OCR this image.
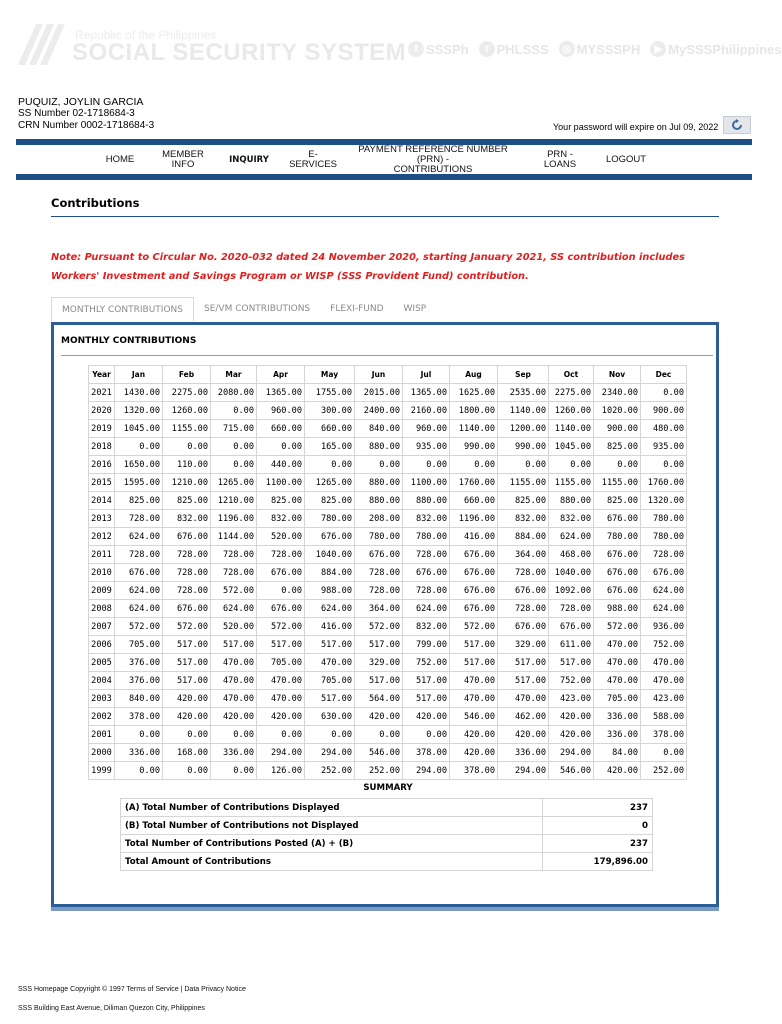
Republic of the Philippines
SOCIAL SECURITY SYSTEM f SSSPh	t PHLSSS	◎ MYSSSPH	▶ MySSSPhilippines
PUQUIZ, JOYLIN GARCIA
SS Number 02-1718684-3
CRN Number 0002-1718684-3	Your password will expire on Jul 09, 2022
HOME	MEMBER INFO	INQUIRY	E-SERVICES
PAYMENT REFERENCE NUMBER (PRN) -
CONTRIBUTIONS
PRN - LOANS	LOGOUT
Contributions
Note: Pursuant to Circular No. 2020-032 dated 24 November 2020, starting January 2021, SS contribution includes Workers' Investment and Savings Program or WISP (SSS Provident Fund) contribution.
MONTHLY CONTRIBUTIONS	SE/VM CONTRIBUTIONS	FLEXI-FUND	WISP
MONTHLY CONTRIBUTIONS
Year	Jan	Feb	Mar	Apr	May	Jun	Jul	Aug	Sep	Oct	Nov	Dec
2021	1430.00	2275.00	2080.00	1365.00	1755.00	2015.00	1365.00	1625.00	2535.00	2275.00	2340.00	0.00
2020	1320.00	1260.00	0.00	960.00	300.00	2400.00	2160.00	1800.00	1140.00	1260.00	1020.00	900.00
2019	1045.00	1155.00	715.00	660.00	660.00	840.00	960.00	1140.00	1200.00	1140.00	900.00	480.00
2018	0.00	0.00	0.00	0.00	165.00	880.00	935.00	990.00	990.00	1045.00	825.00	935.00
2016	1650.00	110.00	0.00	440.00	0.00	0.00	0.00	0.00	0.00	0.00	0.00	0.00
2015	1595.00	1210.00	1265.00	1100.00	1265.00	880.00	1100.00	1760.00	1155.00	1155.00	1155.00	1760.00
2014	825.00	825.00	1210.00	825.00	825.00	880.00	880.00	660.00	825.00	880.00	825.00	1320.00
2013	728.00	832.00	1196.00	832.00	780.00	208.00	832.00	1196.00	832.00	832.00	676.00	780.00
2012	624.00	676.00	1144.00	520.00	676.00	780.00	780.00	416.00	884.00	624.00	780.00	780.00
2011	728.00	728.00	728.00	728.00	1040.00	676.00	728.00	676.00	364.00	468.00	676.00	728.00
2010	676.00	728.00	728.00	676.00	884.00	728.00	676.00	676.00	728.00	1040.00	676.00	676.00
2009	624.00	728.00	572.00	0.00	988.00	728.00	728.00	676.00	676.00	1092.00	676.00	624.00
2008	624.00	676.00	624.00	676.00	624.00	364.00	624.00	676.00	728.00	728.00	988.00	624.00
2007	572.00	572.00	520.00	572.00	416.00	572.00	832.00	572.00	676.00	676.00	572.00	936.00
2006	705.00	517.00	517.00	517.00	517.00	517.00	799.00	517.00	329.00	611.00	470.00	752.00
2005	376.00	517.00	470.00	705.00	470.00	329.00	752.00	517.00	517.00	517.00	470.00	470.00
2004	376.00	517.00	470.00	470.00	705.00	517.00	517.00	470.00	517.00	752.00	470.00	470.00
2003	840.00	420.00	470.00	470.00	517.00	564.00	517.00	470.00	470.00	423.00	705.00	423.00
2002	378.00	420.00	420.00	420.00	630.00	420.00	420.00	546.00	462.00	420.00	336.00	588.00
2001	0.00	0.00	0.00	0.00	0.00	0.00	0.00	420.00	420.00	420.00	336.00	378.00
2000	336.00	168.00	336.00	294.00	294.00	546.00	378.00	420.00	336.00	294.00	84.00	0.00
1999	0.00	0.00	0.00	126.00	252.00	252.00	294.00	378.00	294.00	546.00	420.00	252.00
SUMMARY
(A) Total Number of Contributions Displayed	237
(B) Total Number of Contributions not Displayed	0
Total Number of Contributions Posted (A) + (B)	237
Total Amount of Contributions	179,896.00
SSS Homepage Copyright © 1997 Terms of Service | Data Privacy Notice
SSS Building East Avenue, Diliman Quezon City, Philippines
